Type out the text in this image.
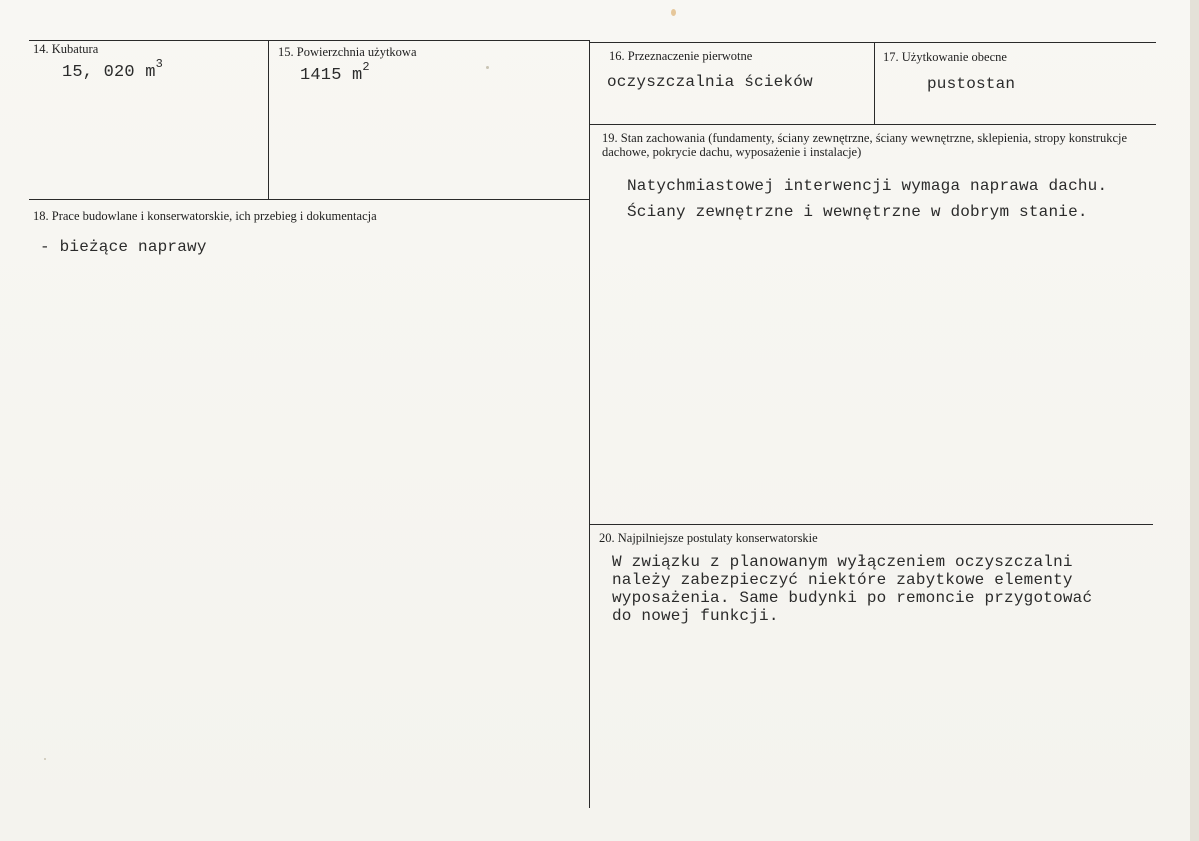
14. Kubatura
15, 020 $m^3$
15. Powierzchnia użytkowa
1415 $m^2$
16. Przeznaczenie pierwotne
oczyszczalnia ścieków
17. Użytkowanie obecne
pustostan
19. Stan zachowania (fundamenty, ściany zewnętrzne, ściany wewnętrzne, sklepienia, stropy konstrukcje dachowe, pokrycie dachu, wyposażenie i instalacje)
Natychmiastowej interwencji wymaga naprawa dachu.
Ściany zewnętrzne i wewnętrzne w dobrym stanie.
18. Prace budowlane i konserwatorskie, ich przebieg i dokumentacja
- bieżące naprawy
20. Najpilniejsze postulaty konserwatorskie
W związku z planowanym wyłączeniem oczyszczalni
należy zabezpieczyć niektóre zabytkowe elementy
wyposażenia. Same budynki po remoncie przygotować
do nowej funkcji.
